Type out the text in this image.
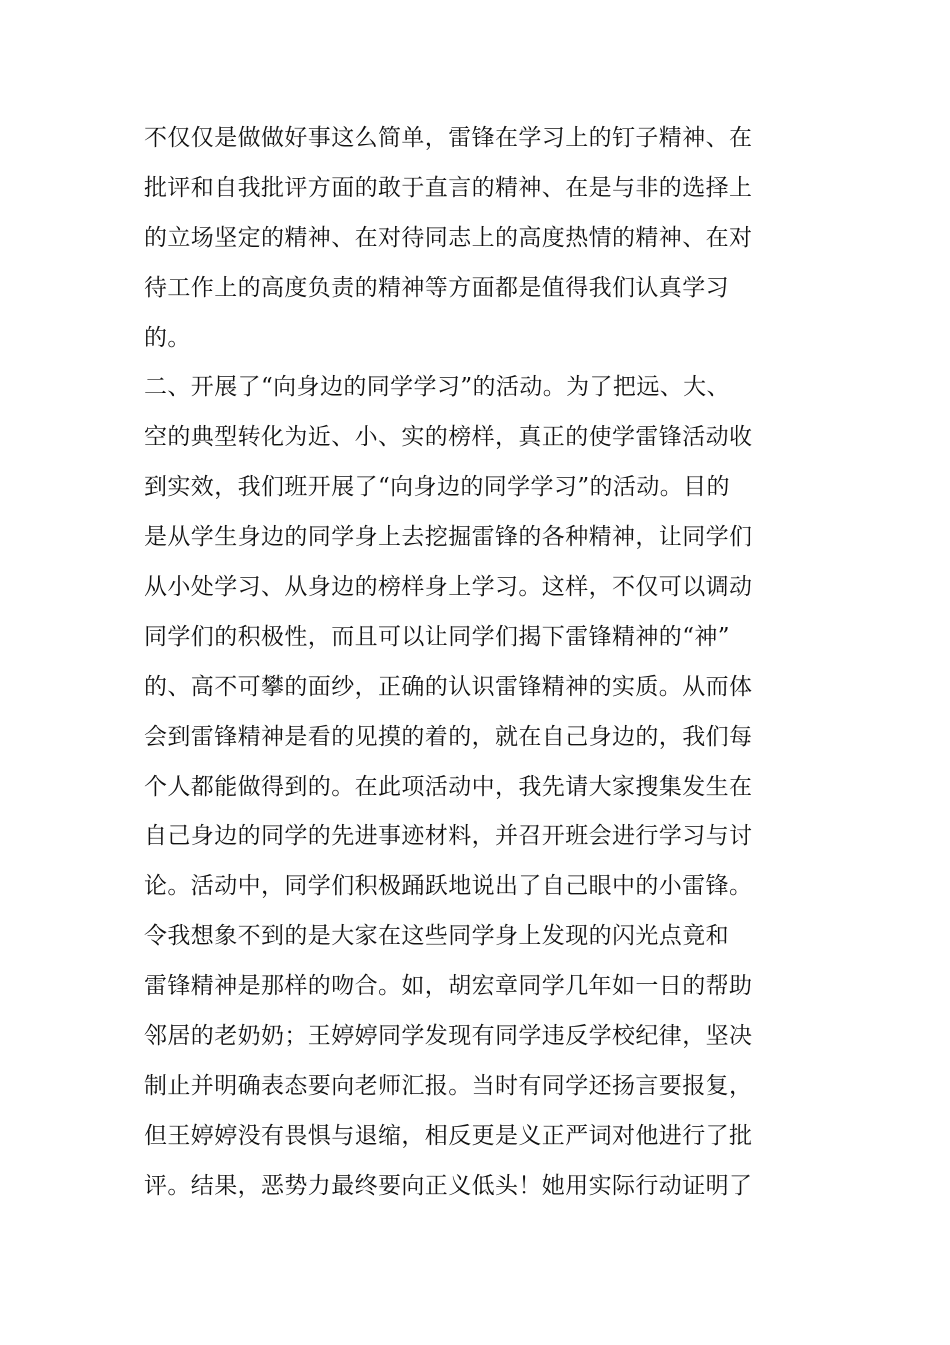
不仅仅是做做好事这么简单，雷锋在学习上的钉子精神、在
批评和自我批评方面的敢于直言的精神、在是与非的选择上
的立场坚定的精神、在对待同志上的高度热情的精神、在对
待工作上的高度负责的精神等方面都是值得我们认真学习
的。
二、开展了“向身边的同学学习”的活动。为了把远、大、
空的典型转化为近、小、实的榜样，真正的使学雷锋活动收
到实效，我们班开展了“向身边的同学学习”的活动。目的
是从学生身边的同学身上去挖掘雷锋的各种精神，让同学们
从小处学习、从身边的榜样身上学习。这样，不仅可以调动
同学们的积极性，而且可以让同学们揭下雷锋精神的“神”
的、高不可攀的面纱，正确的认识雷锋精神的实质。从而体
会到雷锋精神是看的见摸的着的，就在自己身边的，我们每
个人都能做得到的。在此项活动中，我先请大家搜集发生在
自己身边的同学的先进事迹材料，并召开班会进行学习与讨
论。活动中，同学们积极踊跃地说出了自己眼中的小雷锋。
令我想象不到的是大家在这些同学身上发现的闪光点竟和
雷锋精神是那样的吻合。如，胡宏章同学几年如一日的帮助
邻居的老奶奶；王婷婷同学发现有同学违反学校纪律，坚决
制止并明确表态要向老师汇报。当时有同学还扬言要报复，
但王婷婷没有畏惧与退缩，相反更是义正严词对他进行了批
评。结果，恶势力最终要向正义低头！她用实际行动证明了
